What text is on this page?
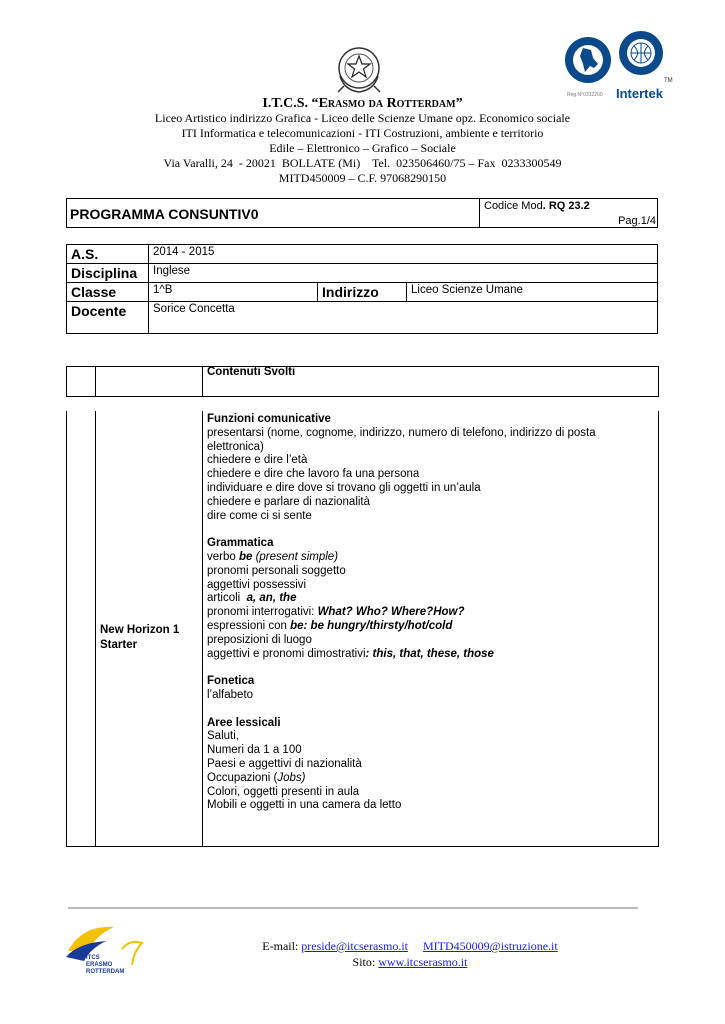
Intertek
TM
Reg.N°0312260
I.T.C.S. “Erasmo da Rotterdam”
Liceo Artistico indirizzo Grafica - Liceo delle Scienze Umane opz. Economico sociale
ITI Informatica e telecomunicazioni - ITI Costruzioni, ambiente e territorio
Edile – Elettronico – Grafico – Sociale
Via Varalli, 24  - 20021  BOLLATE (Mi)    Tel.  023506460/75 – Fax  0233300549
MITD450009 – C.F. 97068290150
PROGRAMMA CONSUNTIV0	Codice Mod. RQ 23.2
Pag.1/4
A.S.	2014 - 2015		
Disciplina	Inglese		
Classe	1^B	Indirizzo	Liceo Scienze Umane
Docente	Sorice Concetta		
Contenuti Svolti
New Horizon 1
Starter
Funzioni comunicative
presentarsi (nome, cognome, indirizzo, numero di telefono, indirizzo di posta elettronica)
chiedere e dire l’età
chiedere e dire che lavoro fa una persona
individuare e dire dove si trovano gli oggetti in un’aula
chiedere e parlare di nazionalità
dire come ci si sente
Grammatica
verbo be (present simple)
pronomi personali soggetto
aggettivi possessivi
articoli  a, an, the
pronomi interrogativi: What? Who? Where?How?
espressioni con be: be hungry/thirsty/hot/cold
preposizioni di luogo
aggettivi e pronomi dimostrativi: this, that, these, those
Fonetica
l’alfabeto
Aree lessicali
Saluti,
Numeri da 1 a 100
Paesi e aggettivi di nazionalità
Occupazioni (Jobs)
Colori, oggetti presenti in aula
Mobili e oggetti in una camera da letto
ITCS
ERASMO
ROTTERDAM
E-mail: preside@itcserasmo.it MITD450009@istruzione.it
Sito: www.itcserasmo.it
